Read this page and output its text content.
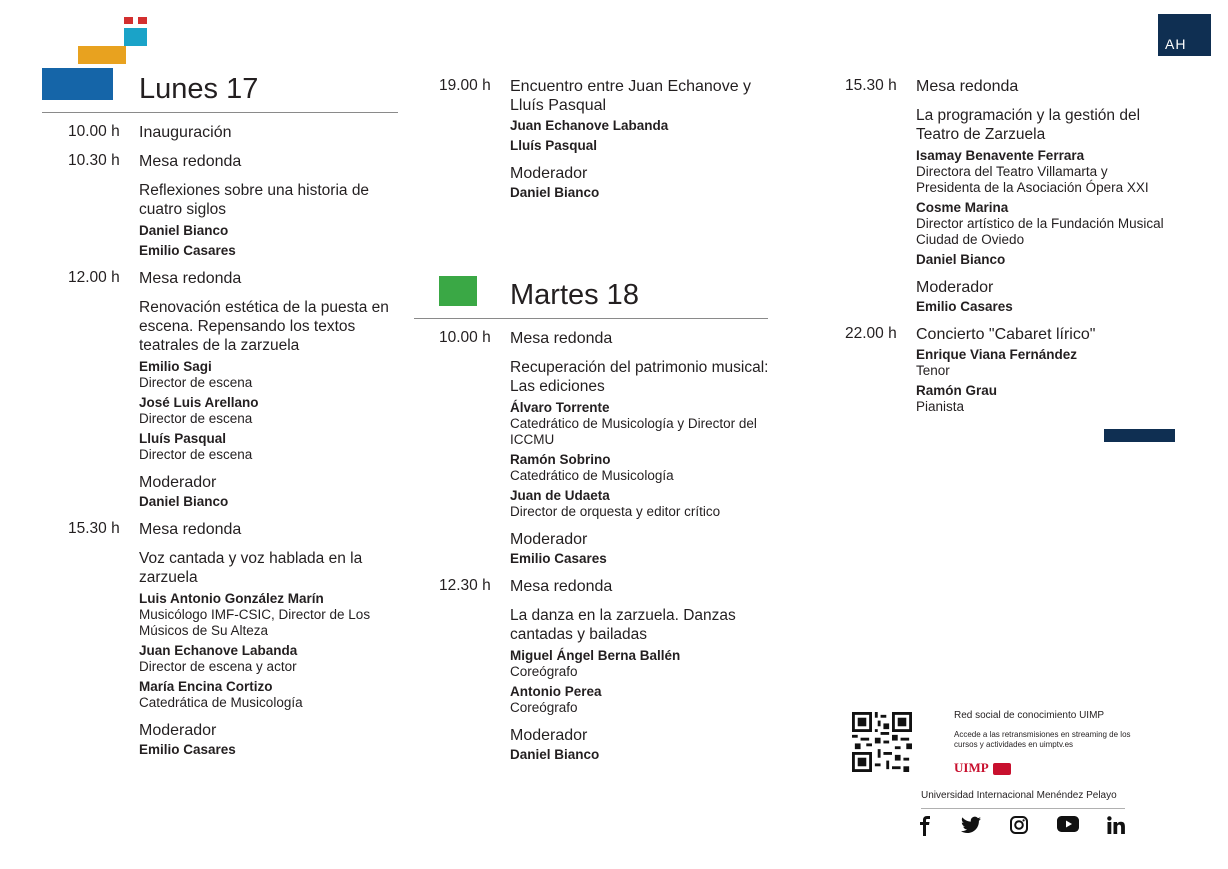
AH
Lunes 17
Martes 18
10.00 h Inauguración
10.30 h Mesa redonda
Reflexiones sobre una historia de cuatro siglos
Daniel Bianco
Emilio Casares
12.00 h Mesa redonda
Renovación estética de la puesta en escena. Repensando los textos teatrales de la zarzuela
Emilio Sagi
Director de escena
José Luis Arellano
Director de escena
Lluís Pasqual
Director de escena
Moderador
Daniel Bianco
15.30 h Mesa redonda
Voz cantada y voz hablada en la zarzuela
Luis Antonio González Marín
Musicólogo IMF-CSIC, Director de Los Músicos de Su Alteza
Juan Echanove Labanda
Director de escena y actor
María Encina Cortizo
Catedrática de Musicología
Moderador
Emilio Casares
19.00 h Encuentro entre Juan Echanove y Lluís Pasqual
Juan Echanove Labanda
Lluís Pasqual
Moderador
Daniel Bianco
10.00 h Mesa redonda
Recuperación del patrimonio musical: Las ediciones
Álvaro Torrente
Catedrático de Musicología y Director del ICCMU
Ramón Sobrino
Catedrático de Musicología
Juan de Udaeta
Director de orquesta y editor crítico
Moderador
Emilio Casares
12.30 h Mesa redonda
La danza en la zarzuela. Danzas cantadas y bailadas
Miguel Ángel Berna Ballén
Coreógrafo
Antonio Perea
Coreógrafo
Moderador
Daniel Bianco
15.30 h Mesa redonda
La programación y la gestión del Teatro de Zarzuela
Isamay Benavente Ferrara
Directora del Teatro Villamarta y Presidenta de la Asociación Ópera XXI
Cosme Marina
Director artístico de la Fundación Musical Ciudad de Oviedo
Daniel Bianco
Moderador
Emilio Casares
22.00 h Concierto "Cabaret lírico"
Enrique Viana Fernández
Tenor
Ramón Grau
Pianista
Red social de conocimiento UIMP
Accede a las retransmisiones en streaming de los cursos y actividades en uimptv.es
UIMP
Universidad Internacional Menéndez Pelayo
